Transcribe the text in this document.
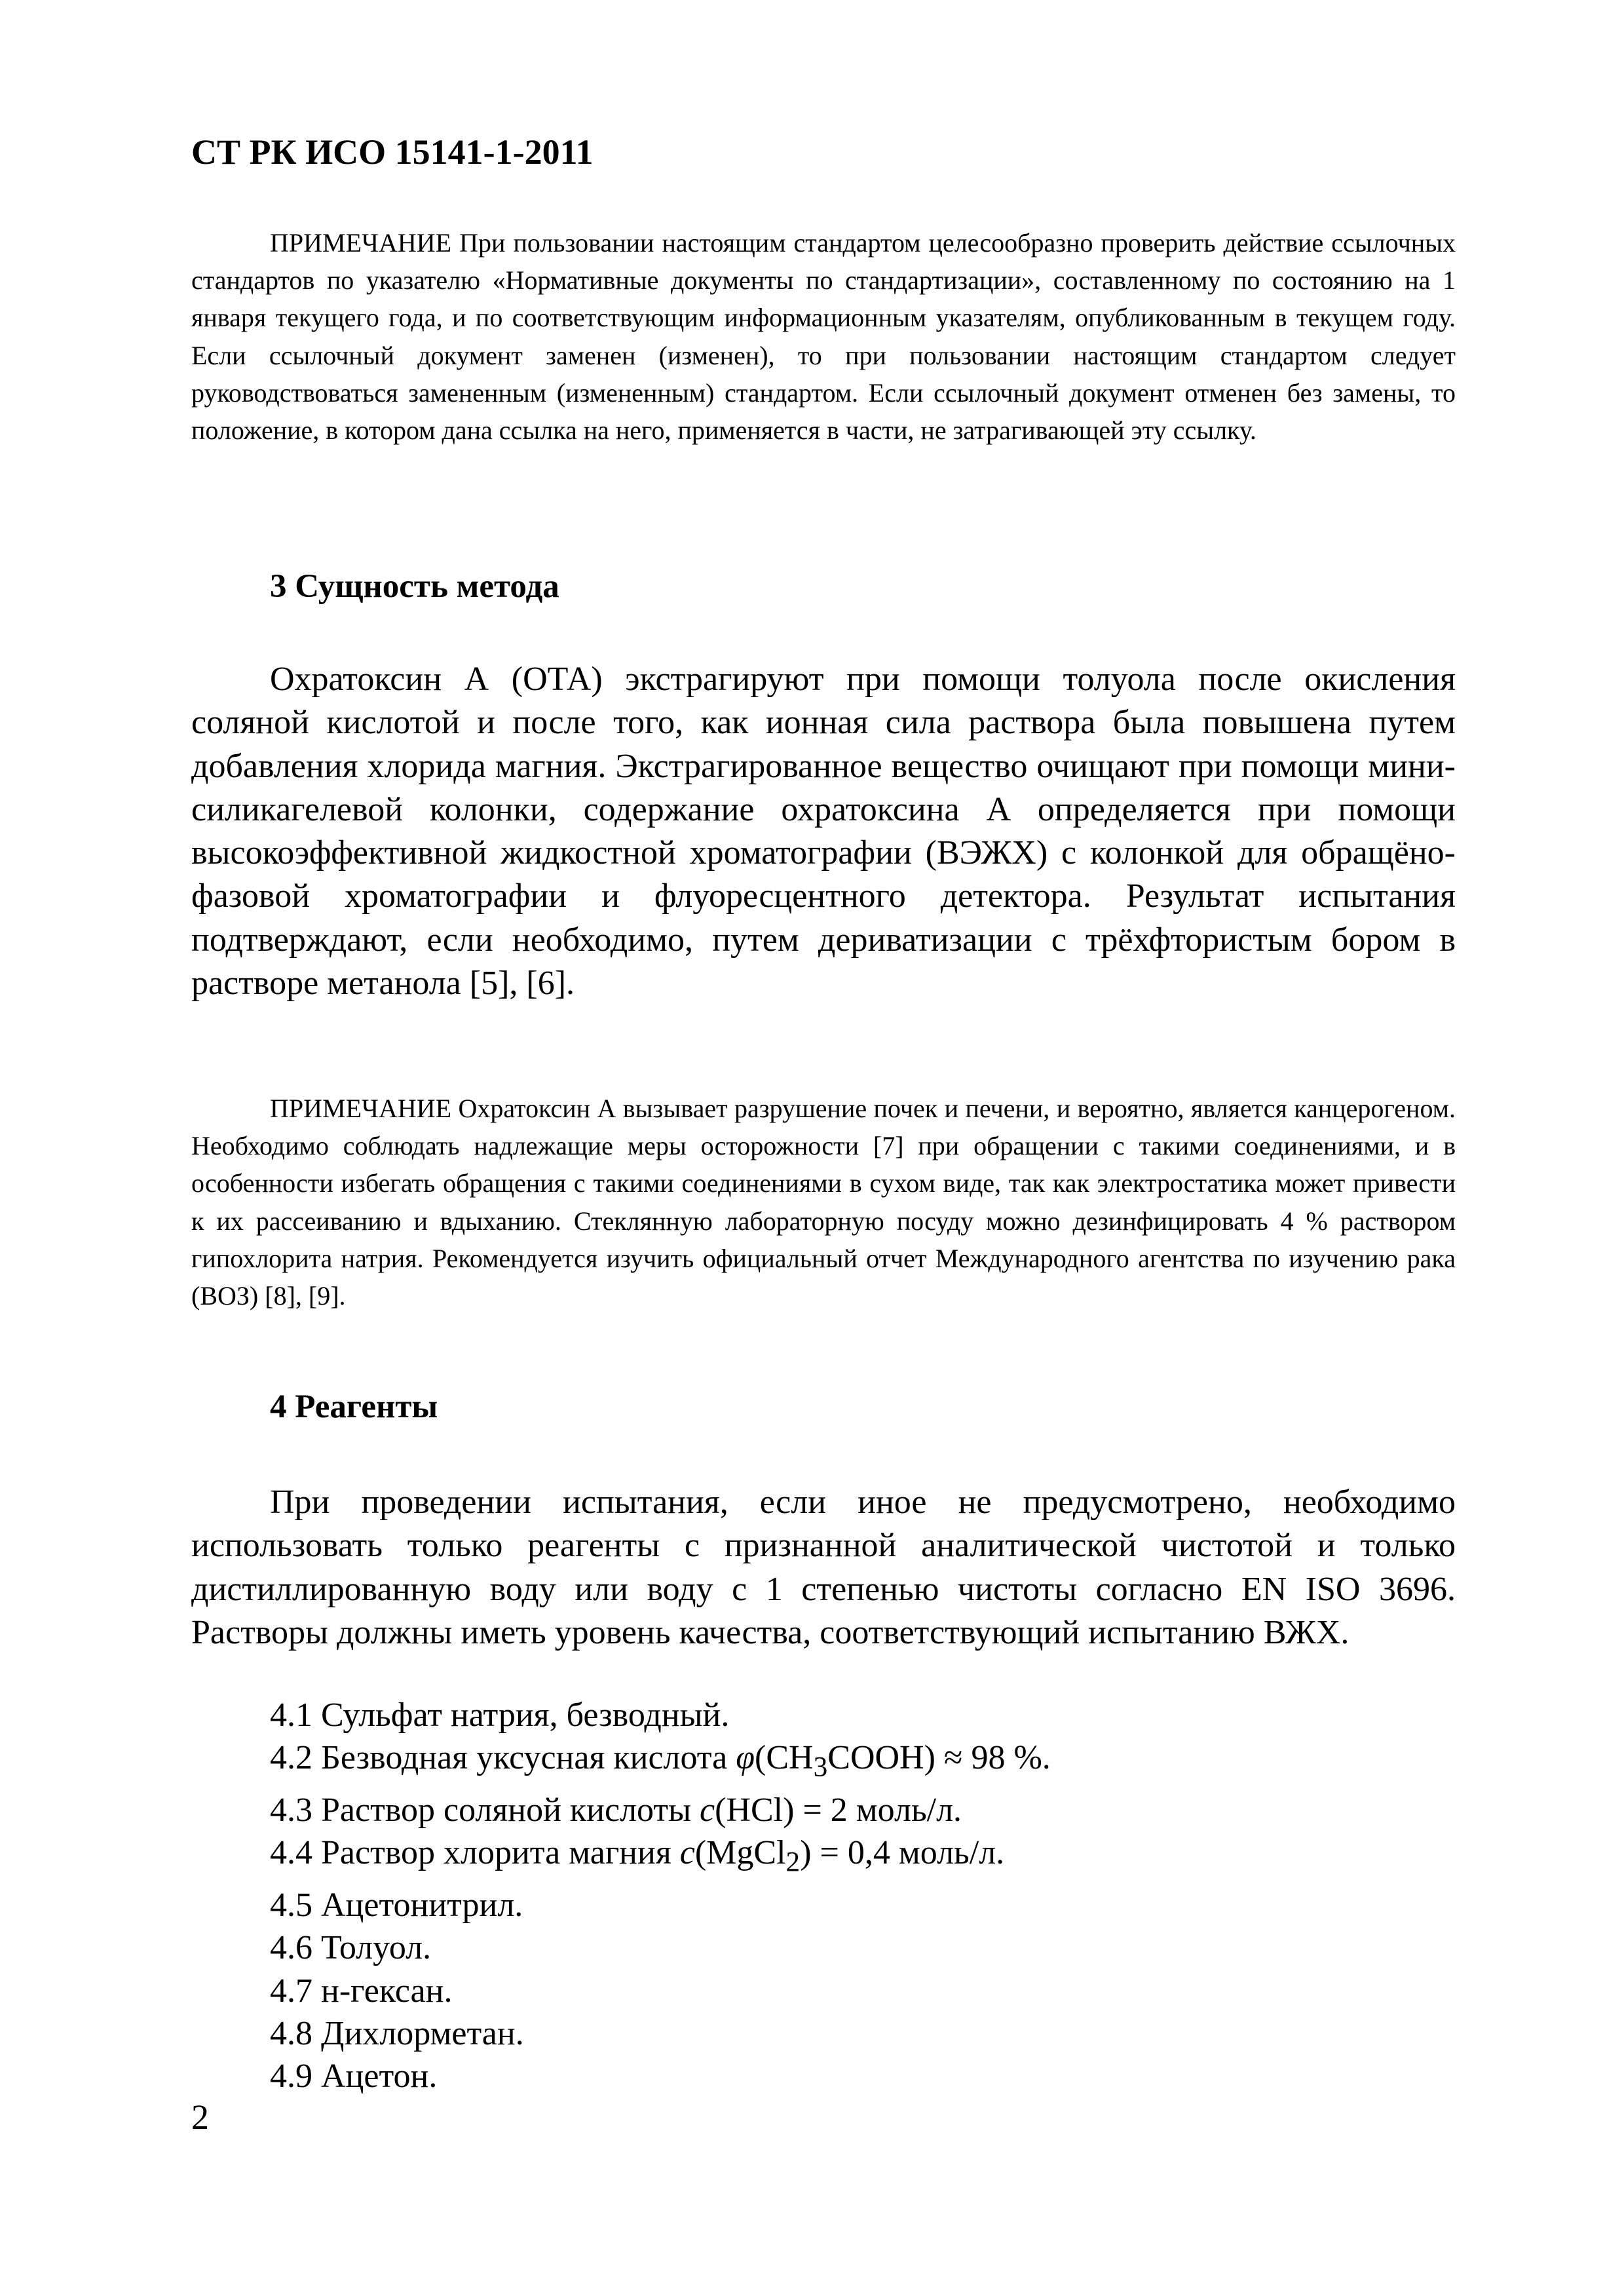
СТ РК ИСО 15141-1-2011

ПРИМЕЧАНИЕ При пользовании настоящим стандартом целесообразно проверить действие ссылочных стандартов по указателю «Нормативные документы по стандартизации», составленному по состоянию на 1 января текущего года, и по соответствующим информационным указателям, опубликованным в текущем году. Если ссылочный документ заменен (изменен), то при пользовании настоящим стандартом следует руководствоваться замененным (измененным) стандартом. Если ссылочный документ отменен без замены, то положение, в котором дана ссылка на него, применяется в части, не затрагивающей эту ссылку.

3 Сущность метода

Охратоксин А (ОТА) экстрагируют при помощи толуола после окисления соляной кислотой и после того, как ионная сила раствора была повышена путем добавления хлорида магния. Экстрагированное вещество очищают при помощи мини-силикагелевой колонки, содержание охратоксина А определяется при помощи высокоэффективной жидкостной хроматографии (ВЭЖХ) с колонкой для обращёно-фазовой хроматографии и флуоресцентного детектора. Результат испытания подтверждают, если необходимо, путем дериватизации с трёхфтористым бором в растворе метанола [5], [6].

ПРИМЕЧАНИЕ Охратоксин А вызывает разрушение почек и печени, и вероятно, является канцерогеном. Необходимо соблюдать надлежащие меры осторожности [7] при обращении с такими соединениями, и в особенности избегать обращения с такими соединениями в сухом виде, так как электростатика может привести к их рассеиванию и вдыханию. Стеклянную лабораторную посуду можно дезинфицировать 4 % раствором гипохлорита натрия. Рекомендуется изучить официальный отчет Международного агентства по изучению рака (ВОЗ) [8], [9].

4 Реагенты

При проведении испытания, если иное не предусмотрено, необходимо использовать только реагенты с признанной аналитической чистотой и только дистиллированную воду или воду с 1 степенью чистоты согласно EN ISO 3696. Растворы должны иметь уровень качества, соответствующий испытанию ВЖХ.

4.1 Сульфат натрия, безводный.
4.2 Безводная уксусная кислота $\varphi(CH_3COOH) \approx 98$ %.
4.3 Раствор соляной кислоты c(HCl) = 2 моль/л.
4.4 Раствор хлорита магния c(MgCl$_2$) = 0,4 моль/л.
4.5 Ацетонитрил.
4.6 Толуол.
4.7 н-гексан.
4.8 Дихлорметан.
4.9 Ацетон.
2
